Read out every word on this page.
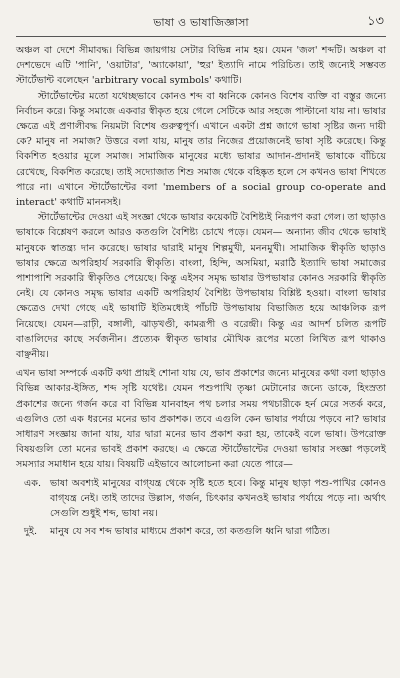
ভাষা ও ভাষাজিজ্ঞাসা	১৩

অঞ্চল বা দেশে সীমাবদ্ধ। বিভিন্ন জায়গায় সেটার বিভিন্ন নাম হয়। যেমন 'জল' শব্দটি। অঞ্চল বা দেশভেদে এটি 'পানি', 'ওয়াটার', 'অ্যাকোয়া', 'হুর' ইত্যাদি নামে পরিচিত। তাই জন্যেই সম্ভবত স্টার্টেভান্ট বলেছেন 'arbitrary vocal symbols' কথাটি।

স্টার্টেভান্টের মতো যথেচ্ছভাবে কোনও শব্দ বা ধ্বনিকে কোনও বিশেষ ব্যক্তি বা বস্তুর জন্যে নির্বাচন করে। কিন্তু সমাজে একবার স্বীকৃত হয়ে গেলে সেটিকে আর সহজে পাল্টানো যায় না। ভাষার ক্ষেত্রে এই প্রণালীবদ্ধ নিয়মটা বিশেষ গুরুত্বপূর্ণ। এখানে একটা প্রশ্ন জাগে ভাষা সৃষ্টির জন্য দায়ী কে? মানুষ না সমাজ? উত্তরে বলা যায়, মানুষ তার নিজের প্রয়োজনেই ভাষা সৃষ্টি করেছে। কিন্তু বিকশিত হওয়ার মূলে সমাজ। সামাজিক মানুষের মধ্যে ভাষার আদান-প্রদানই ভাষাকে বাঁচিয়ে রেখেছে, বিকশিত করেছে। তাই সদ্যোজাত শিশু সমাজ থেকে বহিষ্কৃত হলে সে কখনও ভাষা শিখতে পারে না। এখানে স্টার্টেভান্টের বলা 'members of a social group co-operate and interact' কথাটি মাননসই।

স্টার্টেভান্টের দেওয়া এই সংজ্ঞা থেকে ভাষার কয়েকটি বৈশিষ্ট্যই নিরূপণ করা গেল। তা ছাড়াও ভাষাকে বিশ্লেষণ করলে আরও কতগুলি বৈশিষ্ট্য চোখে পড়ে। যেমন— অন্যান্য জীব থেকে ভাষাই মানুষকে স্বাতন্ত্র্য দান করেছে। ভাষার দ্বারাই মানুষ শিল্পমুখী, মননমুখী। সামাজিক স্বীকৃতি ছাড়াও ভাষার ক্ষেত্রে অপরিহার্য সরকারি স্বীকৃতি। বাংলা, হিন্দি, অসমিয়া, মরাঠি ইত্যাদি ভাষা সমাজের পাশাপাশি সরকারি স্বীকৃতিও পেয়েছে। কিন্তু এইসব সমৃদ্ধ ভাষার উপভাষার কোনও সরকারি স্বীকৃতি নেই। যে কোনও সমৃদ্ধ ভাষার একটি অপরিহার্য বৈশিষ্ট্য উপভাষায় বিশ্লিষ্ট হওয়া। বাংলা ভাষার ক্ষেত্রেও দেখা গেছে এই ভাষাটি ইতিমধ্যেই পাঁচটি উপভাষায় বিভাজিত হয়ে আঞ্চলিক রূপ নিয়েছে। যেমন—রাঢ়ী, বঙ্গালী, ঝাড়খণ্ডী, কামরূপী ও বরেন্দ্রী। কিন্তু এর আদর্শ চলিত রূপটি বাঙালিদের কাছে সর্বজনীন। প্রত্যেক স্বীকৃত ভাষার মৌখিক রূপের মতো লিখিত রূপ থাকাও বাঞ্ছনীয়।

এখন ভাষা সম্পর্কে একটি কথা প্রায়ই শোনা যায় যে, ভাব প্রকাশের জন্যে মানুষের কথা বলা ছাড়াও বিভিন্ন আকার-ইঙ্গিত, শব্দ সৃষ্টি যথেষ্ট। যেমন পশুপাখি তৃষ্ণা মেটানোর জন্যে ডাকে, হিংস্রতা প্রকাশের জন্যে গর্জন করে বা বিভিন্ন যানবাহন পথ চলার সময় পথচারীকে হর্ন মেরে সতর্ক করে, এগুলিও তো এক ধরনের মনের ভাব প্রকাশক। তবে এগুলি কেন ভাষার পর্যায়ে পড়বে না? ভাষার সাধারণ সংজ্ঞায় জানা যায়, যার দ্বারা মনের ভাব প্রকাশ করা হয়, তাকেই বলে ভাষা। উপরোক্ত বিষয়গুলি তো মনের ভাবই প্রকাশ করছে। এ ক্ষেত্রে স্টার্টেভান্টের দেওয়া ভাষার সংজ্ঞা পড়লেই সমস্যার সমাধান হয়ে যায়। বিষয়টি এইভাবে আলোচনা করা যেতে পারে—

এক. ভাষা অবশ্যই মানুষের বাগ্‌যন্ত্র থেকে সৃষ্টি হতে হবে। কিন্তু মানুষ ছাড়া পশু-পাখির কোনও বাগ্‌যন্ত্র নেই। তাই তাদের উল্লাস, গর্জন, চিৎকার কখনওই ভাষার পর্যায়ে পড়ে না। অর্থাৎ সেগুলি শুধুই শব্দ, ভাষা নয়।
দুই.	মানুষ যে সব শব্দ ভাষার মাধ্যমে প্রকাশ করে, তা কতগুলি ধ্বনি দ্বারা গঠিত।
